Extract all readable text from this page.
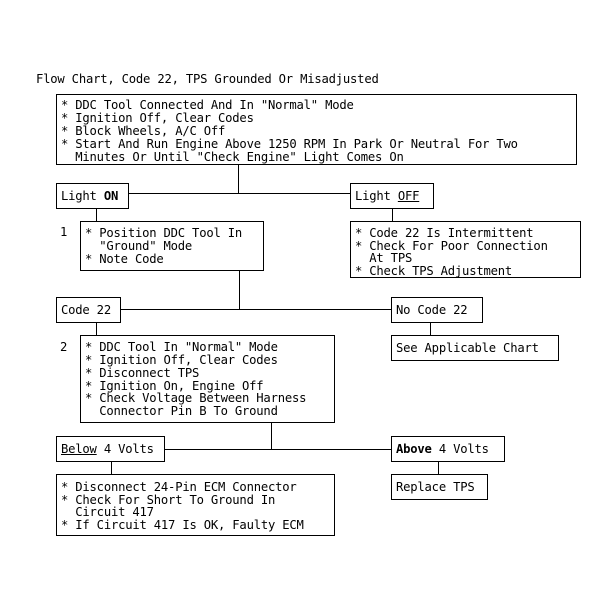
Flow Chart, Code 22, TPS Grounded Or Misadjusted
* DDC Tool Connected And In "Normal" Mode
* Ignition Off, Clear Codes
* Block Wheels, A/C Off
* Start And Run Engine Above 1250 RPM In Park Or Neutral For Two
Minutes Or Until "Check Engine" Light Comes On
Light ON	Light OFF
1 * Position DDC Tool In
"Ground" Mode
* Note Code
* Code 22 Is Intermittent
* Check For Poor Connection
At TPS
* Check TPS Adjustment
Code 22	No Code 22
See Applicable Chart
2 * DDC Tool In "Normal" Mode
* Ignition Off, Clear Codes
* Disconnect TPS
* Ignition On, Engine Off
* Check Voltage Between Harness
Connector Pin B To Ground
Below 4 Volts	Above 4 Volts
Replace TPS
* Disconnect 24-Pin ECM Connector
* Check For Short To Ground In
Circuit 417
* If Circuit 417 Is OK, Faulty ECM
